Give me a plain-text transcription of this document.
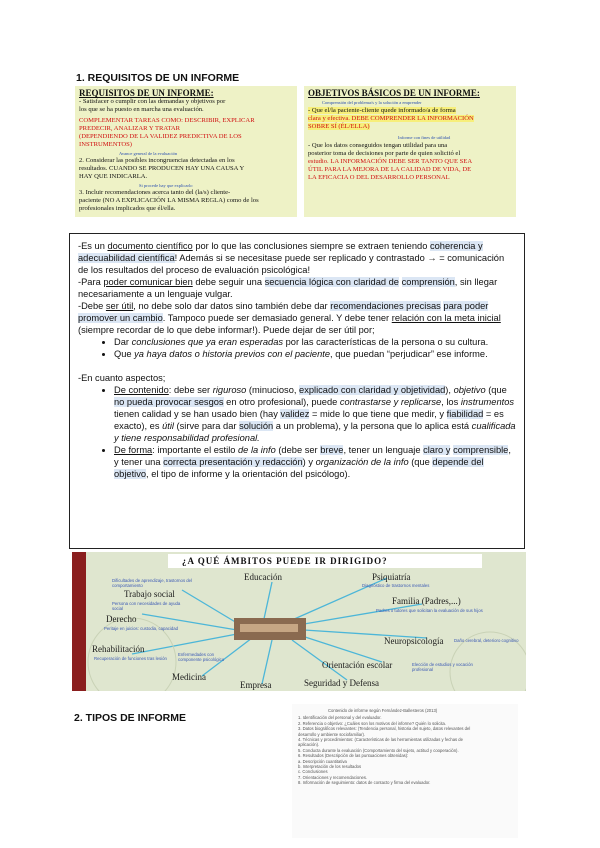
1. REQUISITOS DE UN INFORME
REQUISITOS DE UN INFORME:

- Satisfacer o cumplir con las demandas y objetivos por

los que se ha puesto en marcha una evaluación.

COMPLEMENTAR TAREAS COMO: DESCRIBIR, EXPLICAR

PREDECIR, ANALIZAR Y TRATAR

(DEPENDIENDO DE LA VALIDEZ PREDICTIVA DE LOS

INSTRUMENTOS)

Avance general de la evaluación

2. Considerar las posibles incongruencias detectadas en los

resultados. CUANDO SE PRODUCEN HAY UNA CAUSA Y

HAY QUE INDICARLA.

Si procede hay que explicarlo

3. Incluir recomendaciones acerca tanto del (la/s) cliente-

paciente (NO A EXPLICACIÓN LA MISMA REGLA) como de los

profesionales implicados que él/ella.

OBJETIVOS BÁSICOS DE UN INFORME:

Comprensión del problema/s y la solución a emprender

- Que el/la paciente-cliente quede informado/a de forma

clara y efectiva. DEBE COMPRENDER LA INFORMACIÓN

SOBRE SÍ (ÉL/ELLA)

Informe con fines de utilidad

- Que los datos conseguidos tengan utilidad para una

posterior toma de decisiones por parte de quien solicitó el

estudio. LA INFORMACIÓN DEBE SER TANTO QUE SEA

ÚTIL PARA LA MEJORA DE LA CALIDAD DE VIDA, DE

LA EFICACIA O DEL DESARROLLO PERSONAL

-Es un documento científico por lo que las conclusiones siempre se extraen teniendo coherencia y adecuabilidad científica! Además si se necesitase puede ser replicado y contrastado → = comunicación de los resultados del proceso de evaluación psicológica!

-Para poder comunicar bien debe seguir una secuencia lógica con claridad de comprensión, sin llegar necesariamente a un lenguaje vulgar.

-Debe ser útil, no debe solo dar datos sino también debe dar recomendaciones precisas para poder promover un cambio. Tampoco puede ser demasiado general. Y debe tener relación con la meta inicial (siempre recordar de lo que debe informar!). Puede dejar de ser útil por;

• Dar conclusiones que ya eran esperadas por las características de la persona o su cultura.
• Que ya haya datos o historia previos con el paciente, que puedan “perjudicar” ese informe.

-En cuanto aspectos;

• De contenido: debe ser riguroso (minucioso, explicado con claridad y objetividad), objetivo (que no pueda provocar sesgos en otro profesional), puede contrastarse y replicarse, los instrumentos tienen calidad y se han usado bien (hay validez = mide lo que tiene que medir, y fiabilidad = es exacto), es útil (sirve para dar solución a un problema), y la persona que lo aplica está cualificada y tiene responsabilidad profesional.
• De forma: importante el estilo de la info (debe ser breve, tener un lenguaje claro y comprensible, y tener una correcta presentación y redacción) y organización de la info (que depende del objetivo, el tipo de informe y la orientación del psicólogo).
¿A QUÉ ÁMBITOS PUEDE IR DIRIGIDO?
Educación
Dificultades de aprendizaje, trastornos del comportamiento
Trabajo social
Persona con necesidades de ayuda social
Derecho
Peritaje en juicios: custodia, capacidad
Rehabilitación
Recuperación de funciones tras lesión
Medicina
Enfermedades con componente psicológico
Empresa	Seguridad y Defensa
Orientación escolar	Elección de estudios y vocación profesional
Neuropsicología Daño cerebral, deterioro cognitivo
Familia (Padres,...)
Padres o tutores que solicitan la evaluación de sus hijos
Psiquiatría
Diagnóstico de trastornos mentales
2. TIPOS DE INFORME
Contenido de informe según Fernández-Ballesteros (2013)
1. Identificación del personal y del evaluador.
2. Referencia o objetivo: ¿Cuáles son los motivos del informe? Quién lo solicita.
3. Datos biográficos relevantes: (Tendencia personal, historia del sujeto, datos relevantes del
desarrollo y ambiente sociofamiliar).
4. Técnicas y procedimientos: (Características de las herramientas utilizadas y fechas de
aplicación).
5. Conducta durante la evaluación (Comportamiento del sujeto, actitud y cooperación).
6. Resultados (Descripción de las puntuaciones obtenidas):
a. Descripción cuantitativa
b. Interpretación de los resultados
c. Conclusiones
7. Orientaciones y recomendaciones.
8. Información de seguimiento: datos de contacto y firma del evaluador.
